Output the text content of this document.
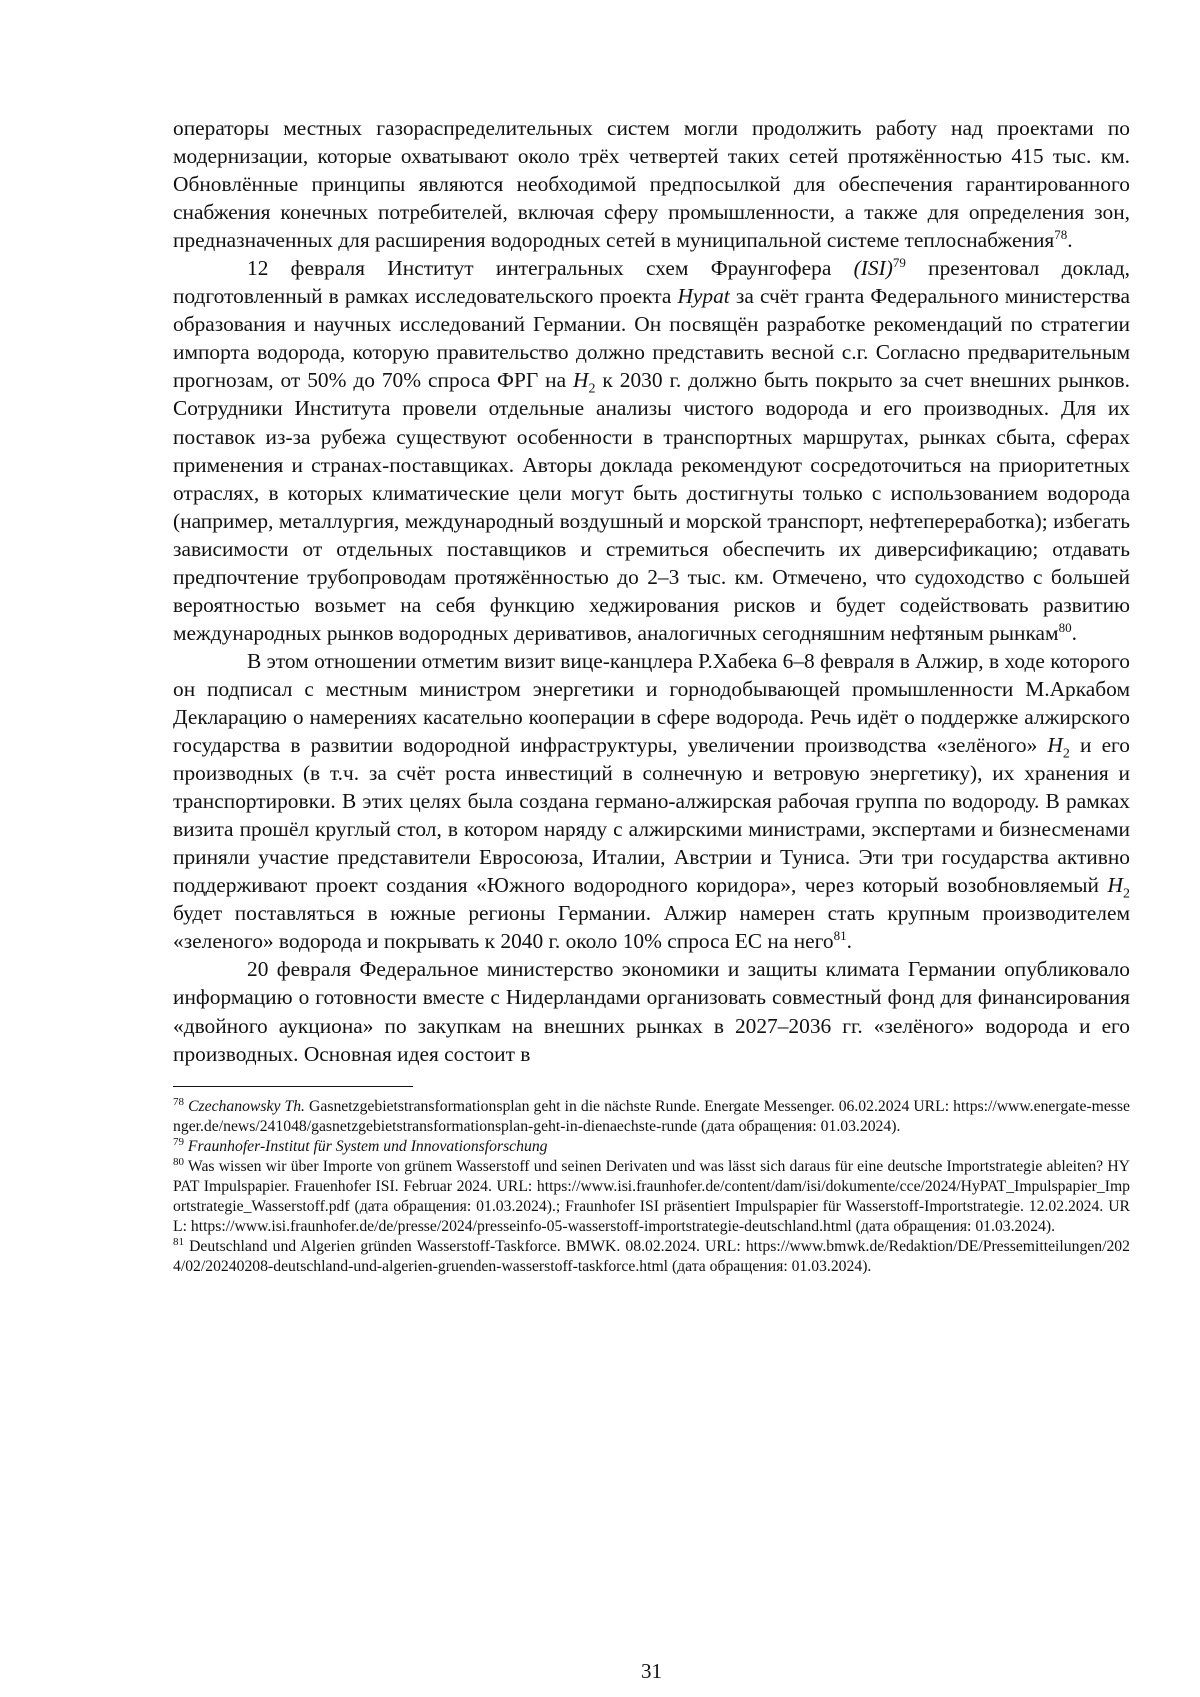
операторы местных газораспределительных систем могли продолжить работу над проектами по модернизации, которые охватывают около трёх четвертей таких сетей протяжённостью 415 тыс. км. Обновлённые принципы являются необходимой предпосылкой для обеспечения гарантированного снабжения конечных потребителей, включая сферу промышленности, а также для определения зон, предназначенных для расширения водородных сетей в муниципальной системе теплоснабжения$^{78}$.

12 февраля Институт интегральных схем Фраунгофера (ISI)$^{79}$ презентовал доклад, подготовленный в рамках исследовательского проекта Hypat за счёт гранта Федерального министерства образования и научных исследований Германии. Он посвящён разработке рекомендаций по стратегии импорта водорода, которую правительство должно представить весной с.г. Согласно предварительным прогнозам, от 50% до 70% спроса ФРГ на $H_2$ к 2030 г. должно быть покрыто за счет внешних рынков. Сотрудники Института провели отдельные анализы чистого водорода и его производных. Для их поставок из-за рубежа существуют особенности в транспортных маршрутах, рынках сбыта, сферах применения и странах-поставщиках. Авторы доклада рекомендуют сосредоточиться на приоритетных отраслях, в которых климатические цели могут быть достигнуты только с использованием водорода (например, металлургия, международный воздушный и морской транспорт, нефтепереработка); избегать зависимости от отдельных поставщиков и стремиться обеспечить их диверсификацию; отдавать предпочтение трубопроводам протяжённостью до 2–3 тыс. км. Отмечено, что судоходство с большей вероятностью возьмет на себя функцию хеджирования рисков и будет содействовать развитию международных рынков водородных деривативов, аналогичных сегодняшним нефтяным рынкам$^{80}$.

В этом отношении отметим визит вице-канцлера Р.Хабека 6–8 февраля в Алжир, в ходе которого он подписал с местным министром энергетики и горнодобывающей промышленности М.Аркабом Декларацию о намерениях касательно кооперации в сфере водорода. Речь идёт о поддержке алжирского государства в развитии водородной инфраструктуры, увеличении производства «зелёного» $H_2$ и его производных (в т.ч. за счёт роста инвестиций в солнечную и ветровую энергетику), их хранения и транспортировки. В этих целях была создана германо-алжирская рабочая группа по водороду. В рамках визита прошёл круглый стол, в котором наряду с алжирскими министрами, экспертами и бизнесменами приняли участие представители Евросоюза, Италии, Австрии и Туниса. Эти три государства активно поддерживают проект создания «Южного водородного коридора», через который возобновляемый $H_2$ будет поставляться в южные регионы Германии. Алжир намерен стать крупным производителем «зеленого» водорода и покрывать к 2040 г. около 10% спроса ЕС на него$^{81}$.

20 февраля Федеральное министерство экономики и защиты климата Германии опубликовало информацию о готовности вместе с Нидерландами организовать совместный фонд для финансирования «двойного аукциона» по закупкам на внешних рынках в 2027–2036 гг. «зелёного» водорода и его производных. Основная идея состоит в

$^{78}$ Czechanowsky Th. Gasnetzgebietstransformationsplan geht in die nächste Runde. Energate Messenger. 06.02.2024 URL: https://www.energate-messenger.de/news/241048/gasnetzgebietstransformationsplan-geht-in-dienaechste-runde (дата обращения: 01.03.2024).

$^{79}$ Fraunhofer-Institut für System und Innovationsforschung

$^{80}$ Was wissen wir über Importe von grünem Wasserstoff und seinen Derivaten und was lässt sich daraus für eine deutsche Importstrategie ableiten? HYPAT Impulspapier. Frauenhofer ISI. Februar 2024. URL: https://www.isi.fraunhofer.de/content/dam/isi/dokumente/cce/2024/HyPAT_Impulspapier_Importstrategie_Wasserstoff.pdf (дата обращения: 01.03.2024).; Fraunhofer ISI präsentiert Impulspapier für Wasserstoff-Importstrategie. 12.02.2024. URL: https://www.isi.fraunhofer.de/de/presse/2024/presseinfo-05-wasserstoff-importstrategie-deutschland.html (дата обращения: 01.03.2024).

$^{81}$ Deutschland und Algerien gründen Wasserstoff-Taskforce. BMWK. 08.02.2024. URL: https://www.bmwk.de/Redaktion/DE/Pressemitteilungen/2024/02/20240208-deutschland-und-algerien-gruenden-wasserstoff-taskforce.html (дата обращения: 01.03.2024).

31
